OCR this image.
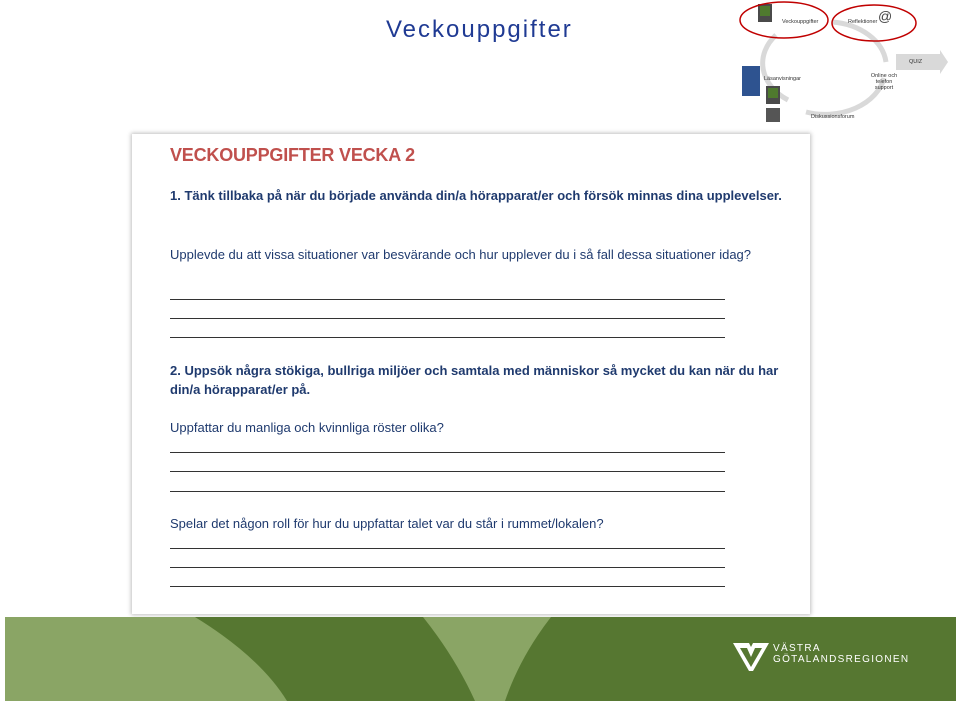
Veckouppgifter	Veckouppgifter	Reflektioner @
QUIZ
Online och
telefon
support
Diskussionsforum
Läsanvisningar
VECKOUPPGIFTER VECKA 2
1. Tänk tillbaka på när du började använda din/a hörapparat/er och försök minnas dina upplevelser.
Upplevde du att vissa situationer var besvärande och hur upplever du i så fall dessa situationer idag?
2. Uppsök några stökiga, bullriga miljöer och samtala med människor så mycket du kan när du har din/a hörapparat/er på.
Uppfattar du manliga och kvinnliga röster olika?
Spelar det någon roll för hur du uppfattar talet var du står i rummet/lokalen?
VÄSTRA
GÖTALANDSREGIONEN
